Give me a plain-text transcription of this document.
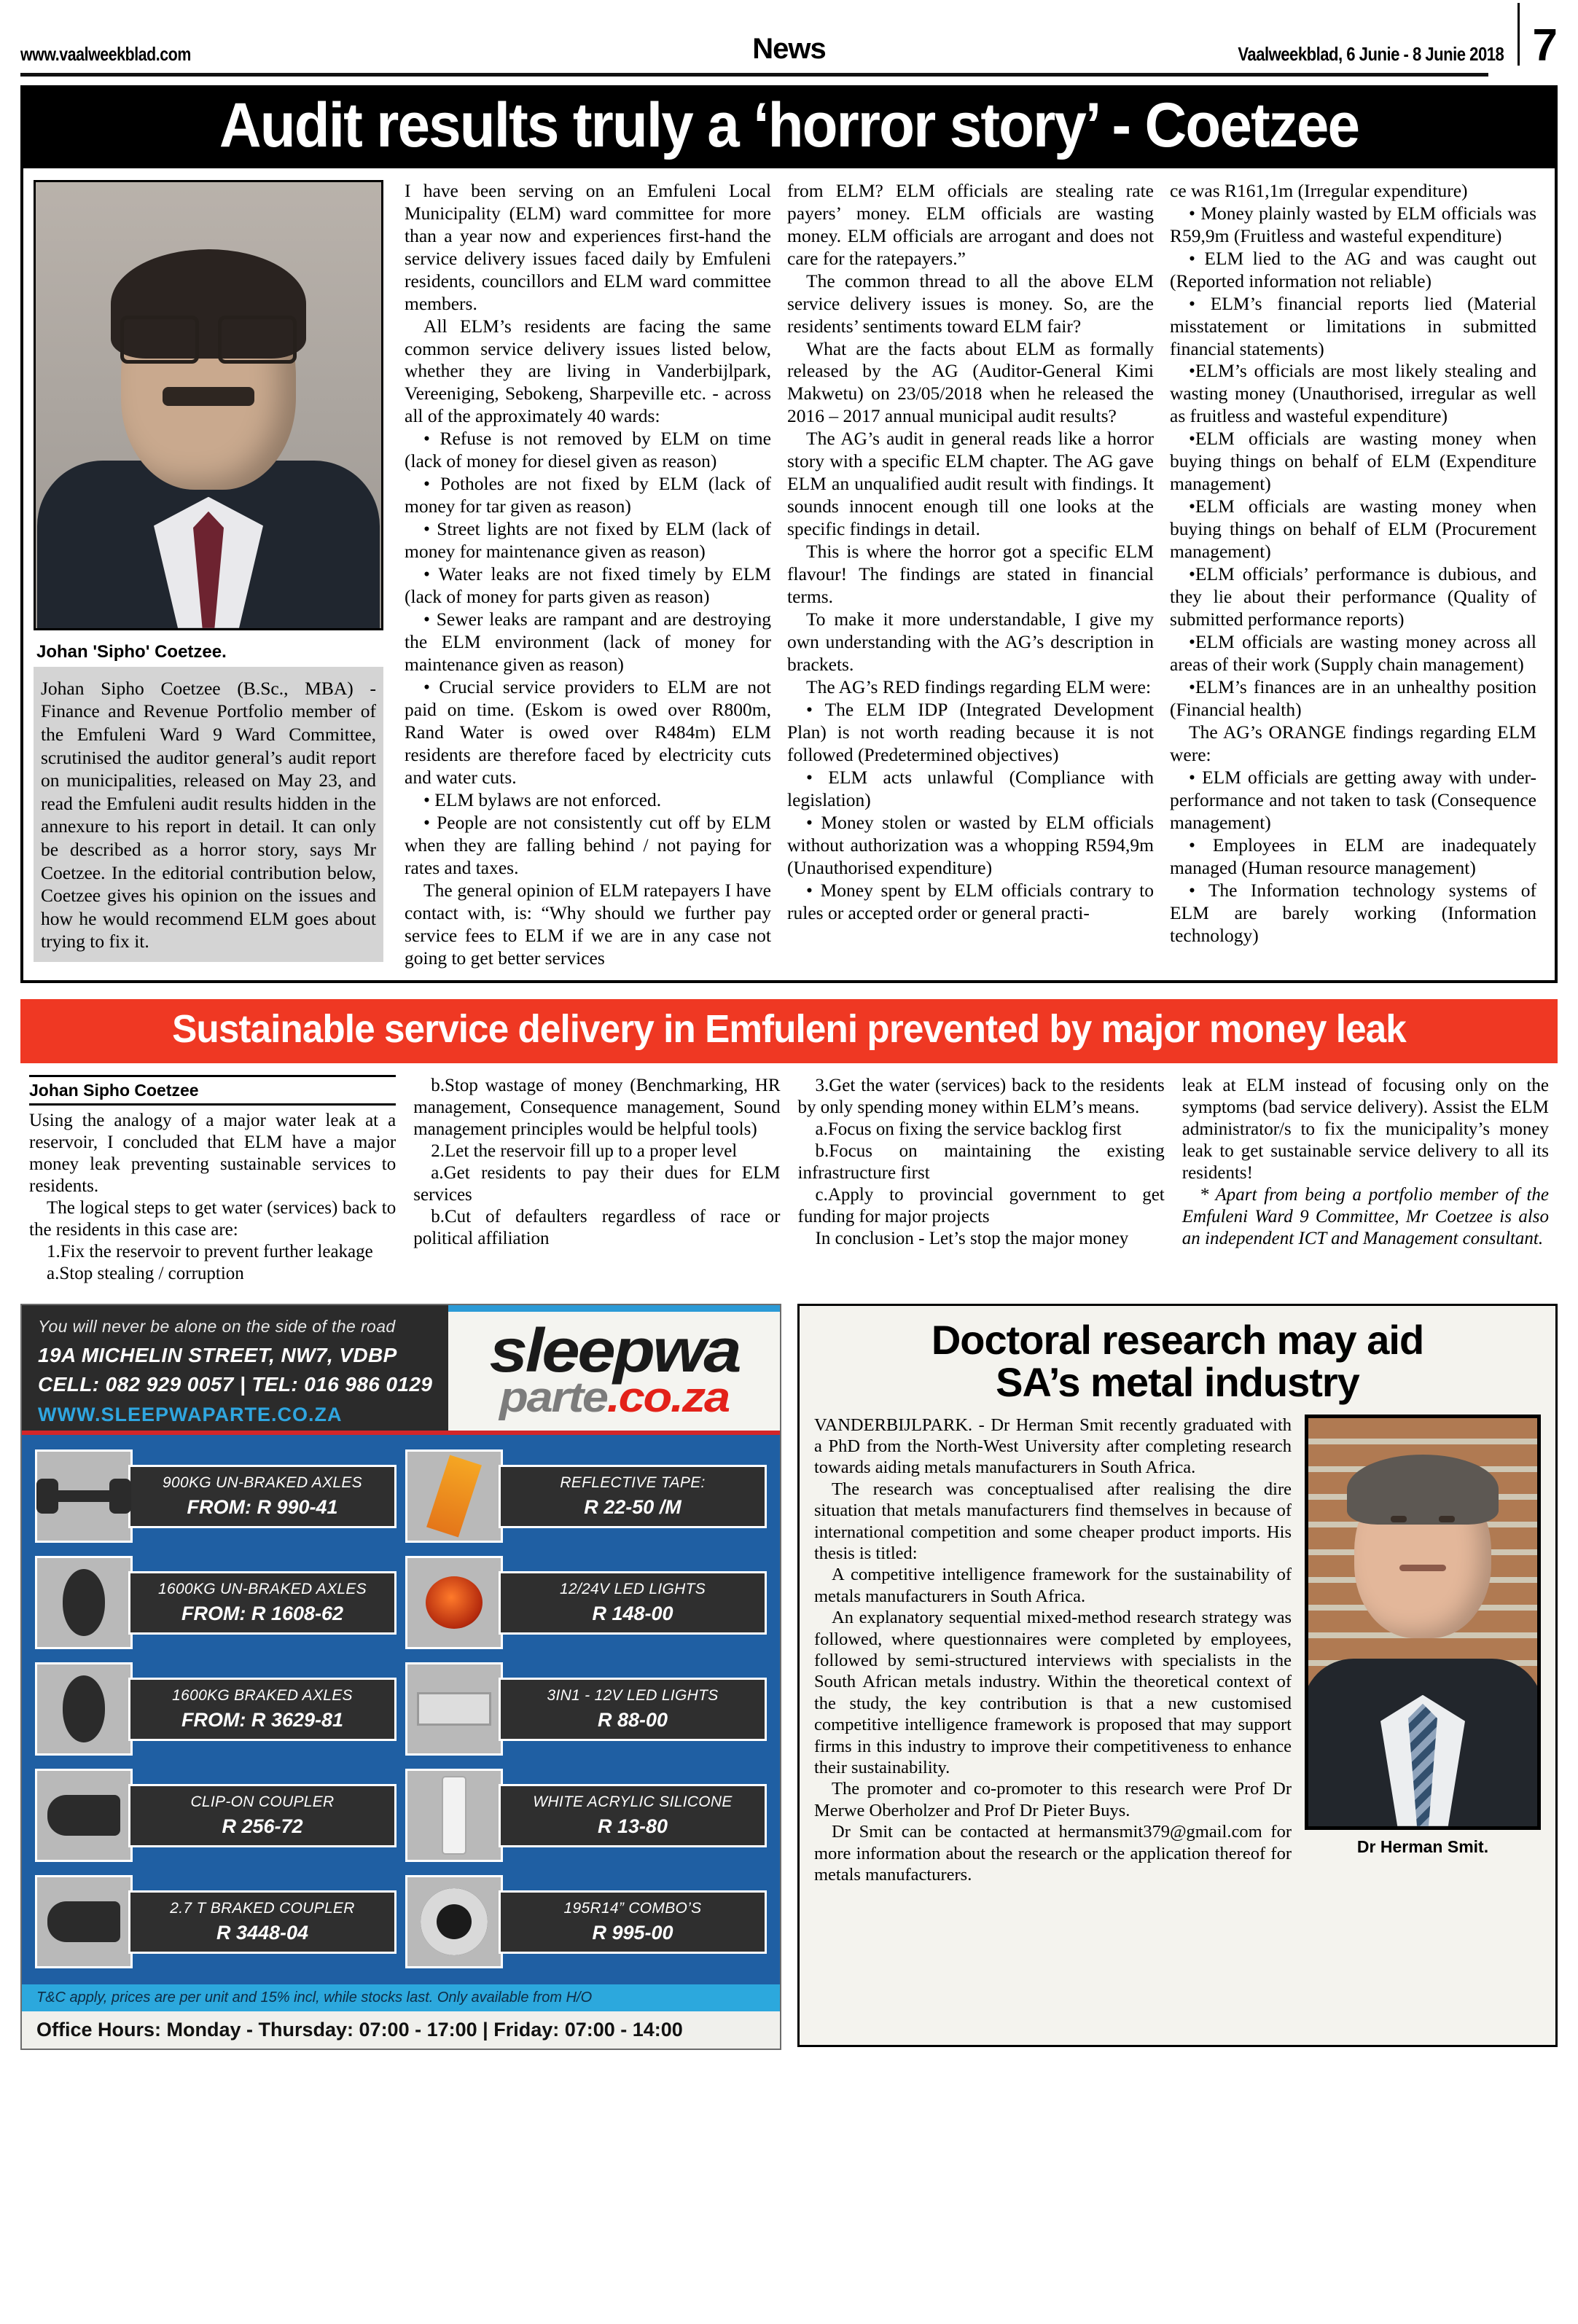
www.vaalweekblad.com	News	Vaalweekblad, 6 Junie - 8 Junie 2018 7
Audit results truly a ‘horror story’ - Coetzee
Johan 'Sipho' Coetzee.
Johan Sipho Coetzee (B.Sc., MBA) - Finance and Revenue Portfolio member of the Emfuleni Ward 9 Ward Committee, scrutinised the auditor general’s audit report on municipalities, released on May 23, and read the Emfuleni audit results hidden in the annexure to his report in detail. It can only be described as a horror story, says Mr Coetzee. In the editorial contribution below, Coetzee gives his opinion on the issues and how he would recommend ELM goes about trying to fix it.

I have been serving on an Emfuleni Local Municipality (ELM) ward committee for more than a year now and experiences first-hand the service delivery issues faced daily by Emfuleni residents, councillors and ELM ward committee members.

All ELM’s residents are facing the same common service delivery issues listed below, whether they are living in Vanderbijlpark, Vereeniging, Sebokeng, Sharpeville etc. - across all of the approximately 40 wards:

• Refuse is not removed by ELM on time (lack of money for diesel given as reason)

• Potholes are not fixed by ELM (lack of money for tar given as reason)

• Street lights are not fixed by ELM (lack of money for maintenance given as reason)

• Water leaks are not fixed timely by ELM (lack of money for parts given as reason)

• Sewer leaks are rampant and are destroying the ELM environment (lack of money for maintenance given as reason)

• Crucial service providers to ELM are not paid on time. (Eskom is owed over R800m, Rand Water is owed over R484m) ELM residents are therefore faced by electricity cuts and water cuts.

• ELM bylaws are not enforced.

• People are not consistently cut off by ELM when they are falling behind / not paying for rates and taxes.

The general opinion of ELM ratepayers I have contact with, is: “Why should we further pay service fees to ELM if we are in any case not going to get better services

from ELM? ELM officials are stealing rate payers’ money. ELM officials are wasting money. ELM officials are arrogant and does not care for the ratepayers.”

The common thread to all the above ELM service delivery issues is money. So, are the residents’ sentiments toward ELM fair?

What are the facts about ELM as formally released by the AG (Auditor-General Kimi Makwetu) on 23/05/2018 when he released the 2016 – 2017 annual municipal audit results?

The AG’s audit in general reads like a horror story with a specific ELM chapter. The AG gave ELM an unqualified audit result with findings. It sounds innocent enough till one looks at the specific findings in detail.

This is where the horror got a specific ELM flavour! The findings are stated in financial terms.

To make it more understandable, I give my own understanding with the AG’s description in brackets.

The AG’s RED findings regarding ELM were:

• The ELM IDP (Integrated Development Plan) is not worth reading because it is not followed (Predetermined objectives)

• ELM acts unlawful (Compliance with legislation)

• Money stolen or wasted by ELM officials without authorization was a whopping R594,9m (Unauthorised expenditure)

• Money spent by ELM officials contrary to rules or accepted order or general practi-

ce was R161,1m (Irregular expenditure)

• Money plainly wasted by ELM officials was R59,9m (Fruitless and wasteful expenditure)

• ELM lied to the AG and was caught out (Reported information not reliable)

• ELM’s financial reports lied (Material misstatement or limitations in submitted financial statements)

•ELM’s officials are most likely stealing and wasting money (Unauthorised, irregular as well as fruitless and wasteful expenditure)

•ELM officials are wasting money when buying things on behalf of ELM (Expenditure management)

•ELM officials are wasting money when buying things on behalf of ELM (Procurement management)

•ELM officials’ performance is dubious, and they lie about their performance (Quality of submitted performance reports)

•ELM officials are wasting money across all areas of their work (Supply chain management)

•ELM’s finances are in an unhealthy position (Financial health)

The AG’s ORANGE findings regarding ELM were:

• ELM officials are getting away with under-performance and not taken to task (Consequence management)

• Employees in ELM are inadequately managed (Human resource management)

• The Information technology systems of ELM are barely working (Information technology)

Sustainable service delivery in Emfuleni prevented by major money leak
Johan Sipho Coetzee

Using the analogy of a major water leak at a reservoir, I concluded that ELM have a major money leak preventing sustainable services to residents.

The logical steps to get water (services) back to the residents in this case are:

1.Fix the reservoir to prevent further leakage

a.Stop stealing / corruption

b.Stop wastage of money (Benchmarking, HR management, Consequence management, Sound management principles would be helpful tools)

2.Let the reservoir fill up to a proper level

a.Get residents to pay their dues for ELM services

b.Cut of defaulters regardless of race or political affiliation

3.Get the water (services) back to the residents by only spending money within ELM’s means.

a.Focus on fixing the service backlog first

b.Focus on maintaining the existing infrastructure first

c.Apply to provincial government to get funding for major projects

In conclusion - Let’s stop the major money

leak at ELM instead of focusing only on the symptoms (bad service delivery). Assist the ELM administrator/s to fix the municipality’s money leak to get sustainable service delivery to all its residents!

* Apart from being a portfolio member of the Emfuleni Ward 9 Committee, Mr Coetzee is also an independent ICT and Management consultant.

You will never be alone on the side of the road
19A MICHELIN STREET, NW7, VDBP
CELL: 082 929 0057 | TEL: 016 986 0129
WWW.SLEEPWAPARTE.CO.ZA
sleepwa
parte.co.za
900KG UN-BRAKED AXLES
FROM: R 990-41
REFLECTIVE TAPE:
R 22-50 /M
1600KG UN-BRAKED AXLES
FROM: R 1608-62
12/24V LED LIGHTS
R 148-00
1600KG BRAKED AXLES
FROM: R 3629-81
3IN1 - 12V LED LIGHTS
R 88-00
CLIP-ON COUPLER
R 256-72
WHITE ACRYLIC SILICONE
R 13-80
2.7 T BRAKED COUPLER
R 3448-04
195R14” COMBO’S
R 995-00
T&C apply, prices are per unit and 15% incl, while stocks last. Only available from H/O
Office Hours: Monday - Thursday: 07:00 - 17:00 | Friday: 07:00 - 14:00
Doctoral research may aid
SA’s metal industry

VANDERBIJLPARK. - Dr Herman Smit recently graduated with a PhD from the North-West University after completing research towards aiding metals manufacturers in South Africa.

The research was conceptualised after realising the dire situation that metals manufacturers find themselves in because of international competition and some cheaper product imports. His thesis is titled:

A competitive intelligence framework for the sustainability of metals manufacturers in South Africa.

An explanatory sequential mixed-method research strategy was followed, where questionnaires were completed by employees, followed by semi-structured interviews with specialists in the South African metals industry. Within the theoretical context of the study, the key contribution is that a new customised competitive intelligence framework is proposed that may support firms in this industry to improve their competitiveness to enhance their sustainability.

The promoter and co-promoter to this research were Prof Dr Merwe Oberholzer and Prof Dr Pieter Buys.

Dr Smit can be contacted at hermansmit379@gmail.com for more information about the research or the application thereof for metals manufacturers.

Dr Herman Smit.
